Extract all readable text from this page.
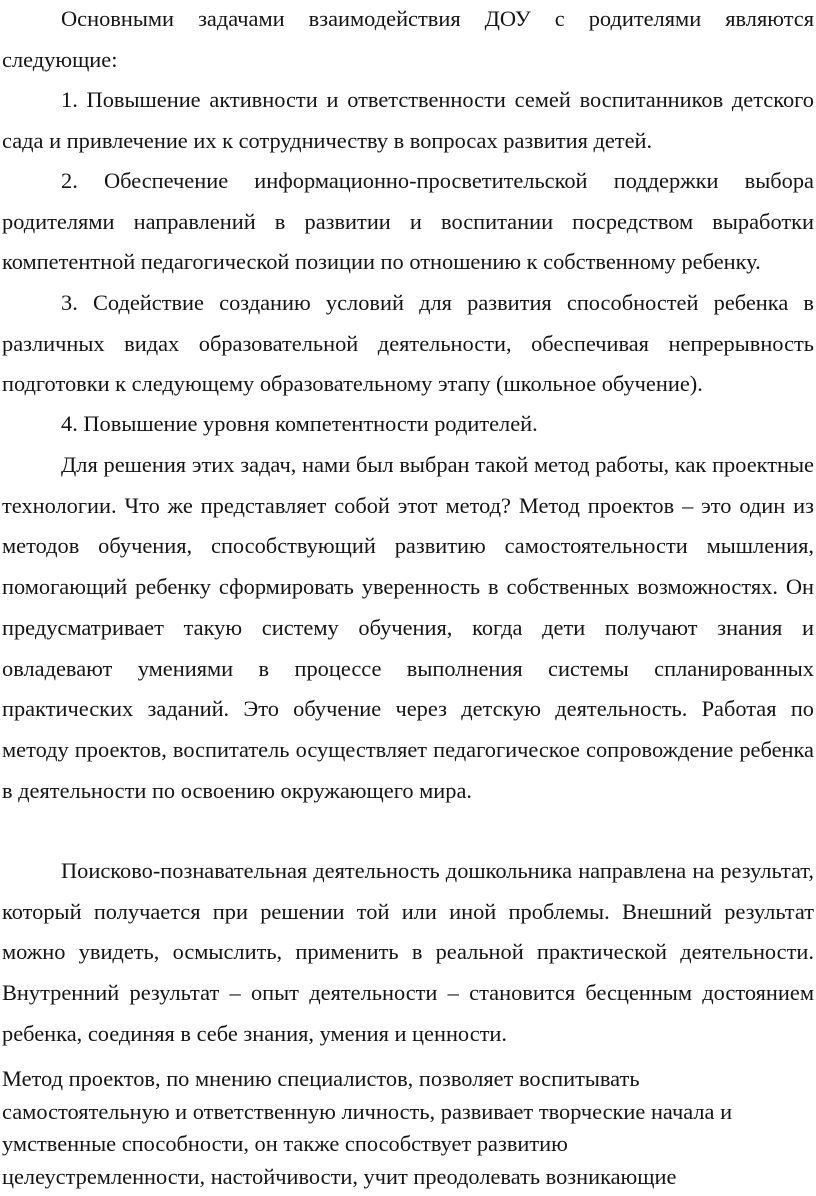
Основными задачами взаимодействия ДОУ с родителями являются следующие:

1. Повышение активности и ответственности семей воспитанников детского сада и привлечение их к сотрудничеству в вопросах развития детей.

2. Обеспечение информационно-просветительской поддержки выбора родителями направлений в развитии и воспитании посредством выработки компетентной педагогической позиции по отношению к собственному ребенку.

3. Содействие созданию условий для развития способностей ребенка в различных видах образовательной деятельности, обеспечивая непрерывность подготовки к следующему образовательному этапу (школьное обучение).

4. Повышение уровня компетентности родителей.

Для решения этих задач, нами был выбран такой метод работы, как проектные технологии. Что же представляет собой этот метод? Метод проектов – это один из методов обучения, способствующий развитию самостоятельности мышления, помогающий ребенку сформировать уверенность в собственных возможностях. Он предусматривает такую систему обучения, когда дети получают знания и овладевают умениями в процессе выполнения системы спланированных практических заданий. Это обучение через детскую деятельность. Работая по методу проектов, воспитатель осуществляет педагогическое сопровождение ребенка в деятельности по освоению окружающего мира.

Поисково-познавательная деятельность дошкольника направлена на результат, который получается при решении той или иной проблемы. Внешний результат можно увидеть, осмыслить, применить в реальной практической деятельности. Внутренний результат – опыт деятельности – становится бесценным достоянием ребенка, соединяя в себе знания, умения и ценности.

Метод проектов, по мнению специалистов, позволяет воспитывать
самостоятельную и ответственную личность, развивает творческие начала и
умственные способности, он также способствует развитию
целеустремленности, настойчивости, учит преодолевать возникающие
